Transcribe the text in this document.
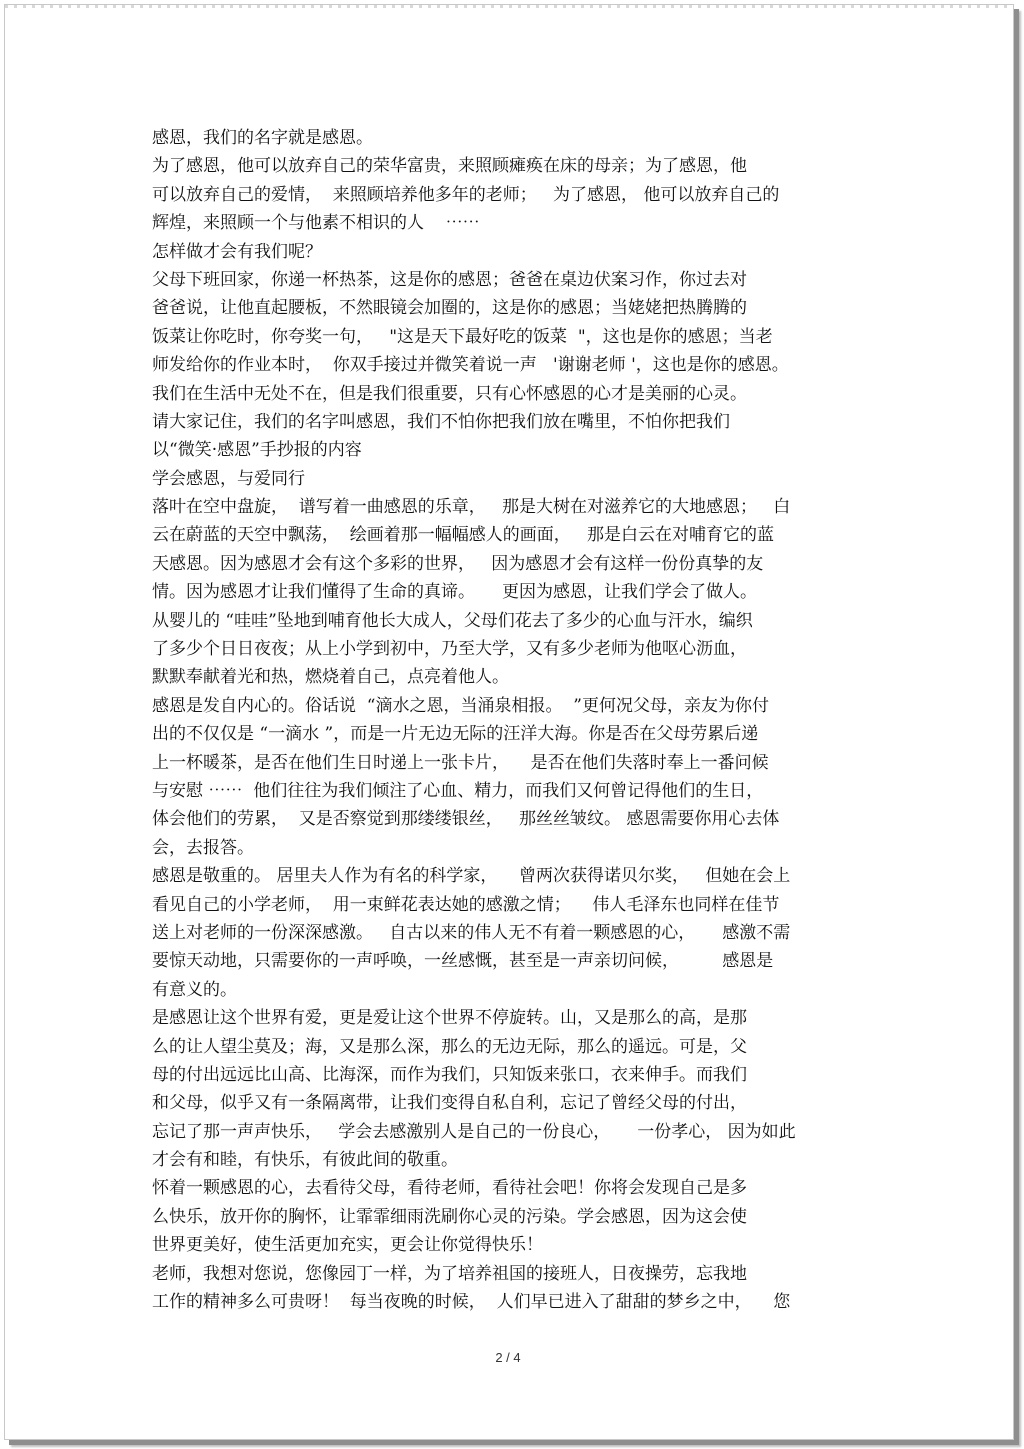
感恩，我们的名字就是感恩。
为了感恩，他可以放弃自己的荣华富贵，来照顾瘫痪在床的母亲；为了感恩，他
可以放弃自己的爱情，  来照顾培养他多年的老师；   为了感恩， 他可以放弃自己的
辉煌，来照顾一个与他素不相识的人    ⋯⋯
怎样做才会有我们呢？
父母下班回家，你递一杯热茶，这是你的感恩；爸爸在桌边伏案习作，你过去对
爸爸说，让他直起腰板，不然眼镜会加圈的，这是你的感恩；当姥姥把热腾腾的
饭菜让你吃时，你夸奖一句，   "这是天下最好吃的饭菜  "，这也是你的感恩；当老
师发给你的作业本时，  你双手接过并微笑着说一声   '谢谢老师 '，这也是你的感恩。
我们在生活中无处不在，但是我们很重要，只有心怀感恩的心才是美丽的心灵。
请大家记住，我们的名字叫感恩，我们不怕你把我们放在嘴里，不怕你把我们
以“微笑·感恩”手抄报的内容
学会感恩，与爱同行
落叶在空中盘旋，  谱写着一曲感恩的乐章，   那是大树在对滋养它的大地感恩；   白
云在蔚蓝的天空中飘荡，  绘画着那一幅幅感人的画面，   那是白云在对哺育它的蓝
天感恩。因为感恩才会有这个多彩的世界，   因为感恩才会有这样一份份真挚的友
情。因为感恩才让我们懂得了生命的真谛。     更因为感恩，让我们学会了做人。
从婴儿的 “哇哇”坠地到哺育他长大成人，父母们花去了多少的心血与汗水，编织
了多少个日日夜夜；从上小学到初中，乃至大学，又有多少老师为他呕心沥血，
默默奉献着光和热，燃烧着自己，点亮着他人。
感恩是发自内心的。俗话说  “滴水之恩，当涌泉相报。  ”更何况父母，亲友为你付
出的不仅仅是 “一滴水 ”，而是一片无边无际的汪洋大海。你是否在父母劳累后递
上一杯暖茶，是否在他们生日时递上一张卡片，    是否在他们失落时奉上一番问候
与安慰 ⋯⋯  他们往往为我们倾注了心血、精力，而我们又何曾记得他们的生日，
体会他们的劳累，  又是否察觉到那缕缕银丝，   那丝丝皱纹。 感恩需要你用心去体
会，去报答。
感恩是敬重的。 居里夫人作为有名的科学家，    曾两次获得诺贝尔奖，   但她在会上
看见自己的小学老师，  用一束鲜花表达她的感激之情；    伟人毛泽东也同样在佳节
送上对老师的一份深深感激。   自古以来的伟人无不有着一颗感恩的心，     感激不需
要惊天动地，只需要你的一声呼唤，一丝感慨，甚至是一声亲切问候，        感恩是
有意义的。
是感恩让这个世界有爱，更是爱让这个世界不停旋转。山，又是那么的高，是那
么的让人望尘莫及；海，又是那么深，那么的无边无际，那么的遥远。可是，父
母的付出远远比山高、比海深，而作为我们，只知饭来张口，衣来伸手。而我们
和父母，似乎又有一条隔离带，让我们变得自私自利，忘记了曾经父母的付出，
忘记了那一声声快乐，   学会去感激别人是自己的一份良心，     一份孝心， 因为如此
才会有和睦，有快乐，有彼此间的敬重。
怀着一颗感恩的心，去看待父母，看待老师，看待社会吧！你将会发现自己是多
么快乐，放开你的胸怀，让霏霏细雨洗刷你心灵的污染。学会感恩，因为这会使
世界更美好，使生活更加充实，更会让你觉得快乐！
老师，我想对您说，您像园丁一样，为了培养祖国的接班人，日夜操劳，忘我地
工作的精神多么可贵呀！  每当夜晚的时候，  人们早已进入了甜甜的梦乡之中，    您
2 / 4
